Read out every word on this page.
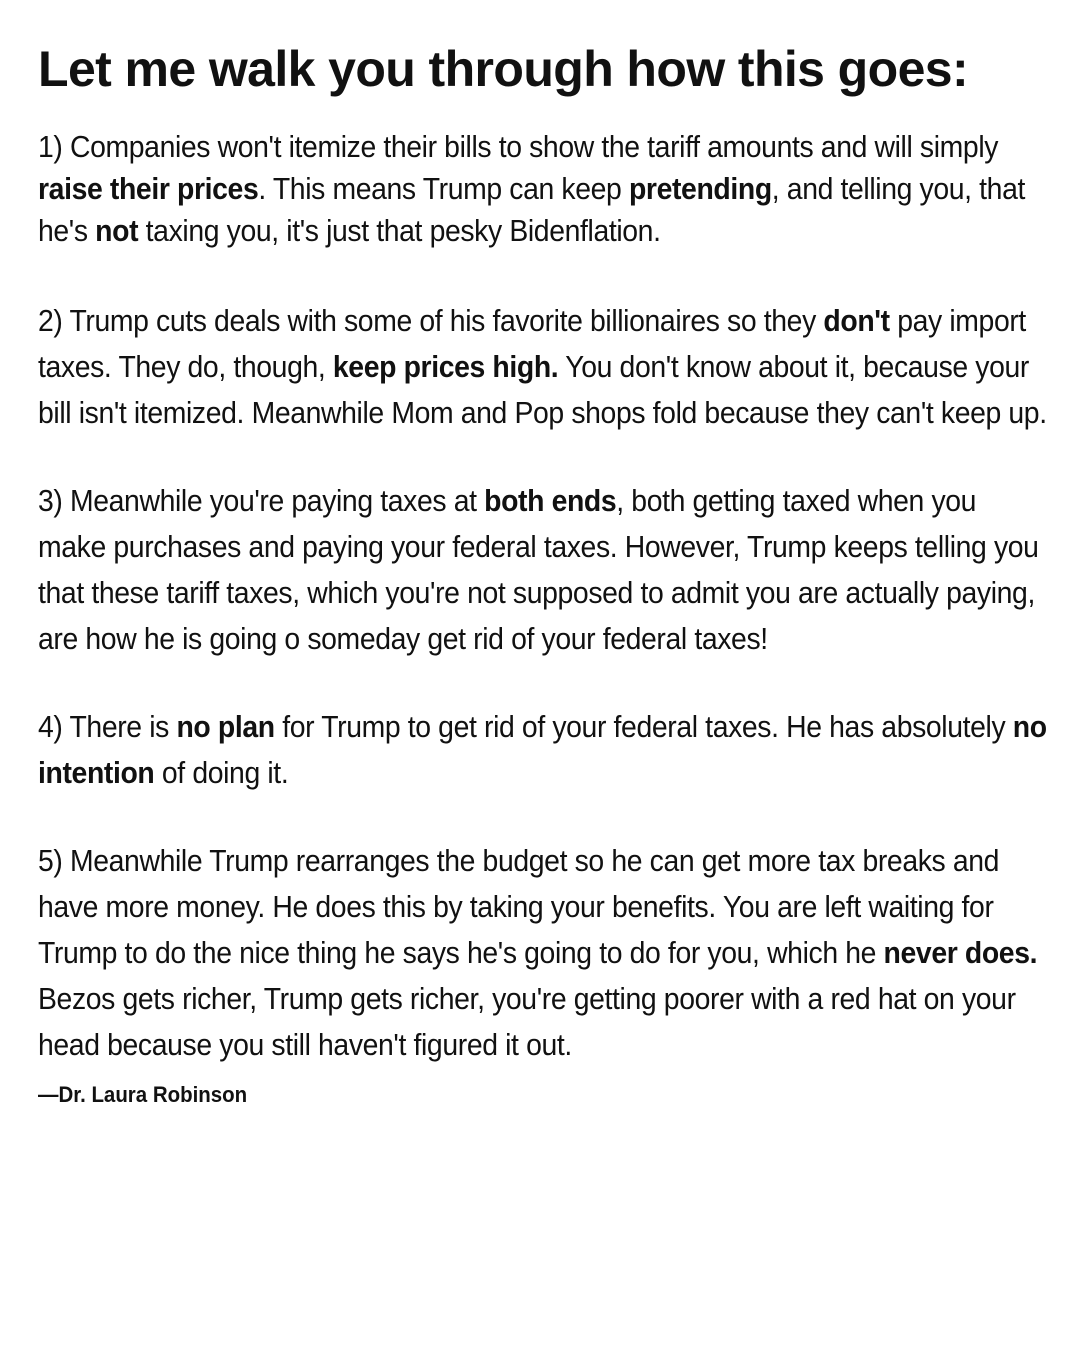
Let me walk you through how this goes:

1) Companies won't itemize their bills to show the tariff amounts and will simply raise their prices. This means Trump can keep pretending, and telling you, that he's not taxing you, it's just that pesky Bidenflation.

2) Trump cuts deals with some of his favorite billionaires so they don't pay import taxes. They do, though, keep prices high. You don't know about it, because your bill isn't itemized. Meanwhile Mom and Pop shops fold because they can't keep up.

3) Meanwhile you're paying taxes at both ends, both getting taxed when you make purchases and paying your federal taxes. However, Trump keeps telling you that these tariff taxes, which you're not supposed to admit you are actually paying, are how he is going o someday get rid of your federal taxes!

4) There is no plan for Trump to get rid of your federal taxes. He has absolutely no intention of doing it.

5) Meanwhile Trump rearranges the budget so he can get more tax breaks and have more money. He does this by taking your benefits. You are left waiting for Trump to do the nice thing he says he's going to do for you, which he never does. Bezos gets richer, Trump gets richer, you're getting poorer with a red hat on your head because you still haven't figured it out.

—Dr. Laura Robinson
